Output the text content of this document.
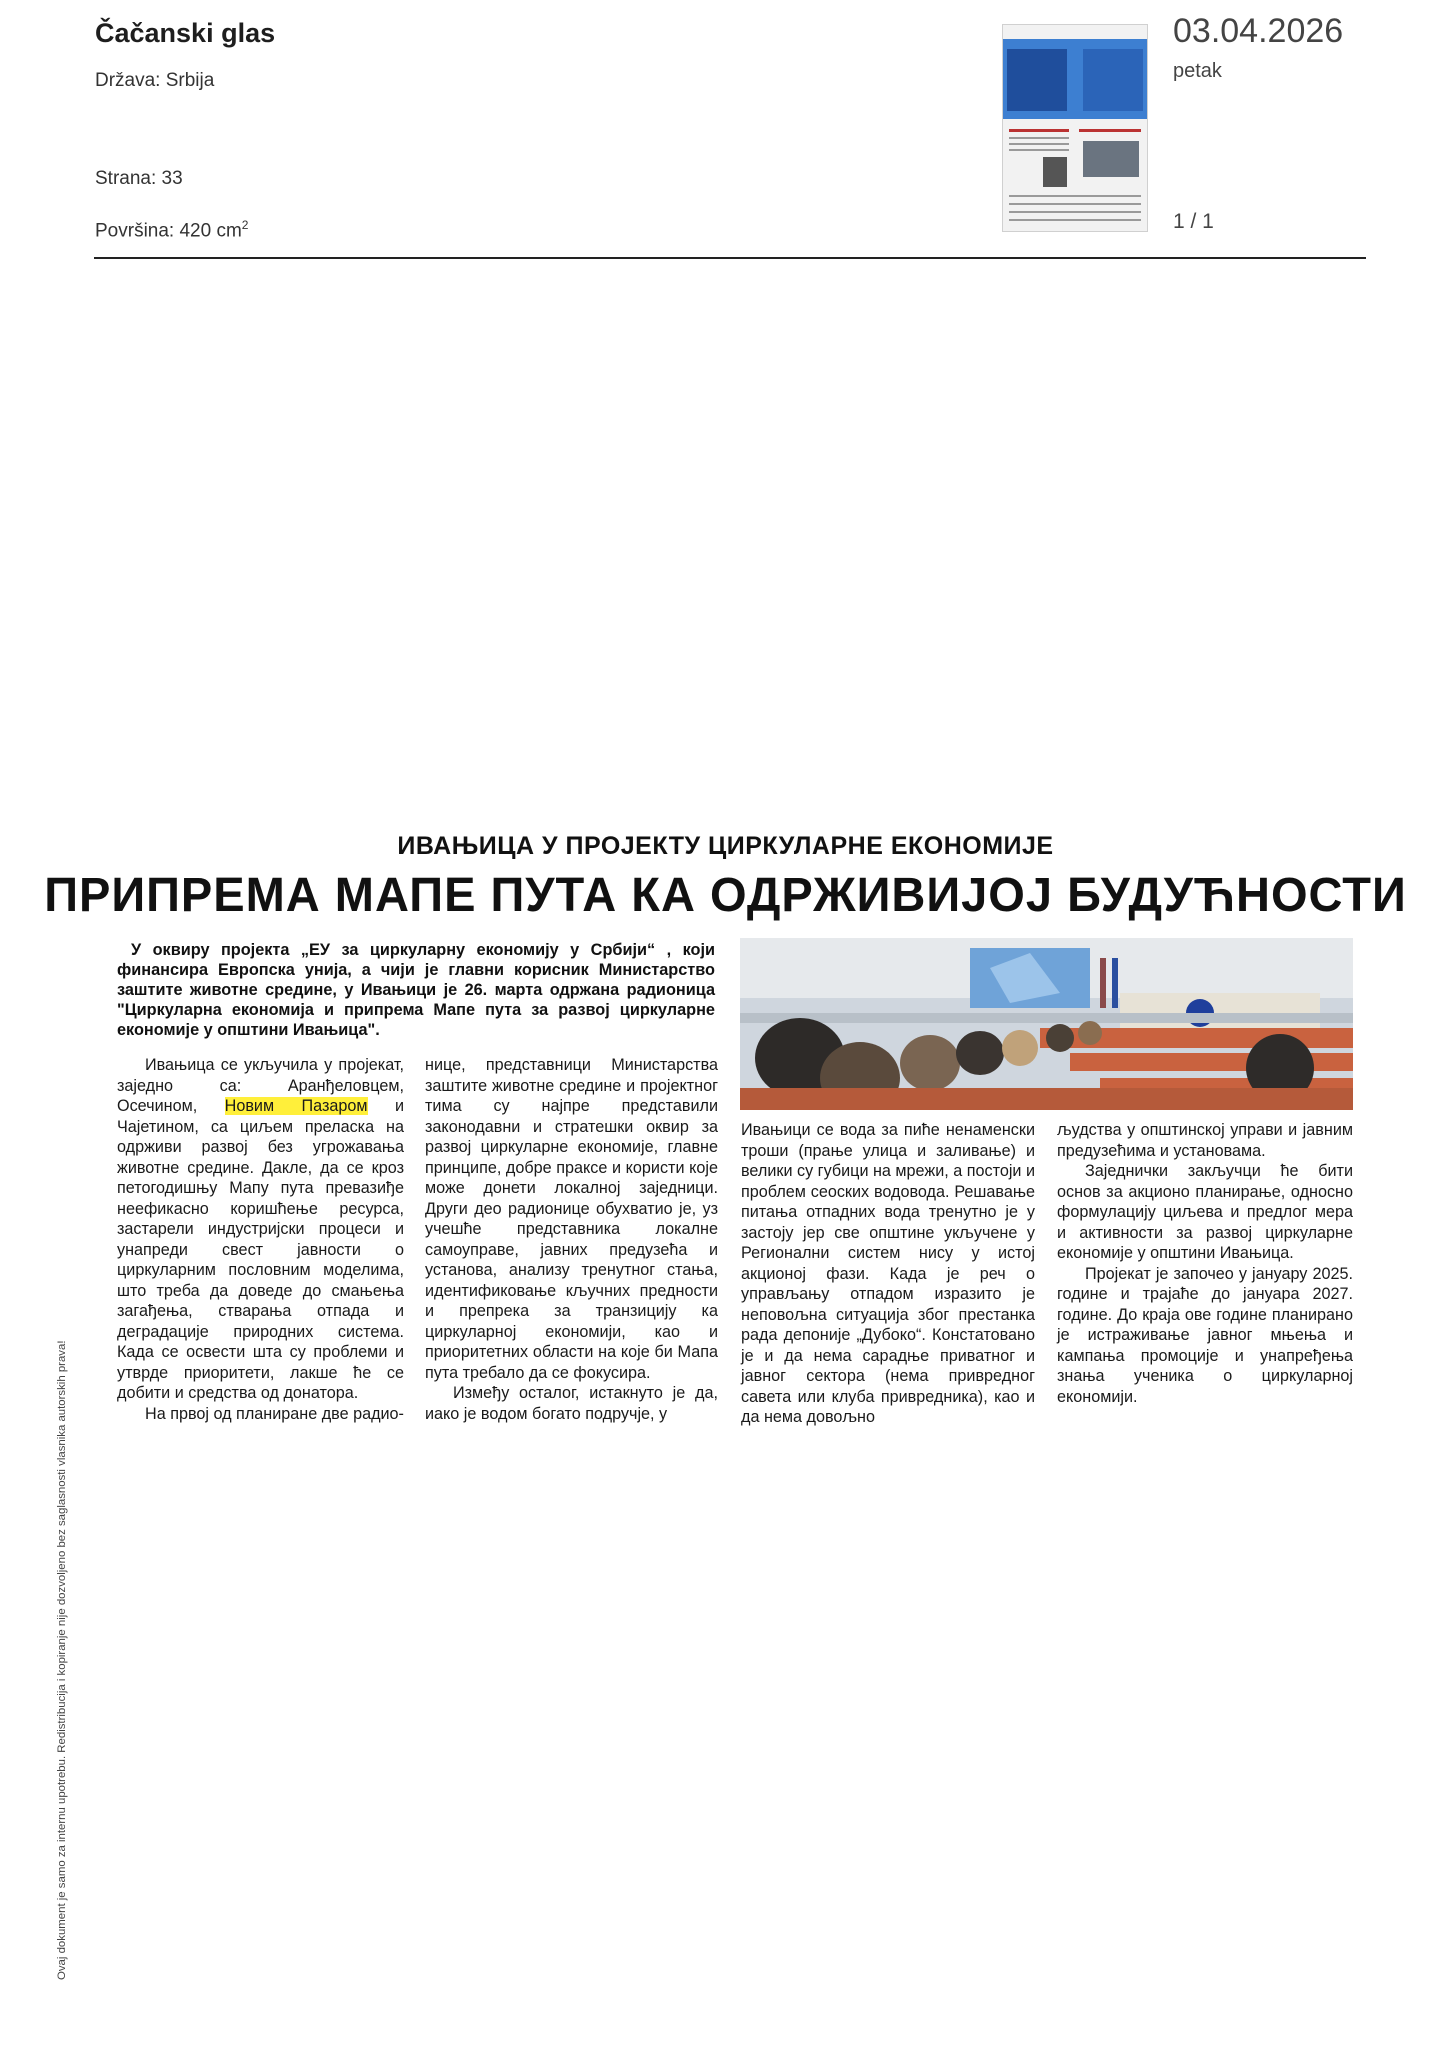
Čačanski glas
Država: Srbija
Strana: 33
Površina: 420 $cm^2$
03.04.2026
petak
1 / 1
ИВАЊИЦА У ПРОЈЕКТУ ЦИРКУЛАРНЕ ЕКОНОМИЈЕ
ПРИПРЕМА МАПЕ ПУТА КА ОДРЖИВИЈОЈ БУДУЋНОСТИ
У оквиру пројекта „ЕУ за циркуларну економију у Србији“ , који финансира Европска унија, а чији је главни корисник Министарство заштите животне средине, у Ивањици је 26. марта одржана радионица "Циркуларна економија и припрема Мапе пута за развој циркуларне економије у општини Ивањица".

Ивањица се укључила у пројекат, заједно са: Аранђеловцем, Осечином, Новим Пазаром и Чајетином, са циљем преласка на одрживи развој без угрожавања животне средине. Дакле, да се кроз петогодишњу Мапу пута превазиђе неефикасно коришћење ресурса, застарели индустријски процеси и унапреди свест јавности о циркуларним пословним моделима, што треба да доведе до смањења загађења, стварања отпада и деградације природних система. Када се освести шта су проблеми и утврде приоритети, лакше ће се добити и средства од донатора.

На првој од планиране две радио-

нице, представници Министарства заштите животне средине и пројектног тима су најпре представили законодавни и стратешки оквир за развој циркуларне економије, главне принципе, добре праксе и користи које може донети локалној заједници. Други део радионице обухватио је, уз учешће представника локалне самоуправе, јавних предузећа и установа, анализу тренутног стања, идентификовање кључних предности и препрека за транзицију ка циркуларној економији, као и приоритетних области на које би Мапа пута требало да се фокусира.

Између осталог, истакнуто је да, иако је водом богато подручје, у

Ивањици се вода за пиће ненаменски троши (прање улица и заливање) и велики су губици на мрежи, а постоји и проблем сеоских водовода. Решавање питања отпадних вода тренутно је у застоју јер све општине укључене у Регионални систем нису у истој акционој фази. Када је реч о управљању отпадом изразито је неповољна ситуација због престанка рада депоније „Дубоко“. Констатовано је и да нема сарадње приватног и јавног сектора (нема привредног савета или клуба привредника), као и да нема довољно

људства у општинској управи и јавним предузећима и установама.

Заједнички закључци ће бити основ за акционо планирање, односно формулацију циљева и предлог мера и активности за развој циркуларне економије у општини Ивањица.

Пројекат је започео у јануару 2025. године и трајаће до јануара 2027. године. До краја ове године планирано је истраживање јавног мњења и кампања промоције и унапређења знања ученика о циркуларној економији.

Ovaj dokument je samo za internu upotrebu. Redistribucija i kopiranje nije dozvoljeno bez saglasnosti vlasnika autorskih prava!
